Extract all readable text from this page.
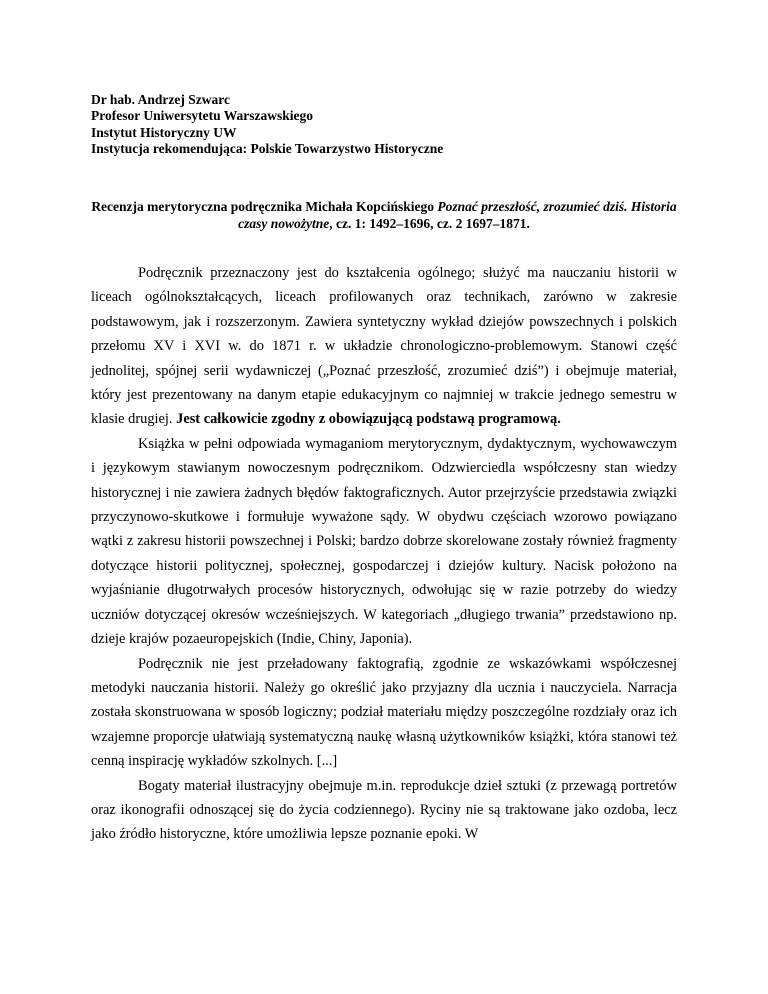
Dr hab. Andrzej Szwarc
Profesor Uniwersytetu Warszawskiego
Instytut Historyczny UW
Instytucja rekomendująca: Polskie Towarzystwo Historyczne
Recenzja merytoryczna podręcznika Michała Kopcińskiego Poznać przeszłość, zrozumieć dziś. Historia czasy nowożytne, cz. 1: 1492–1696, cz. 2 1697–1871.

Podręcznik przeznaczony jest do kształcenia ogólnego; służyć ma nauczaniu historii w liceach ogólnokształcących, liceach profilowanych oraz technikach, zarówno w zakresie podstawowym, jak i rozszerzonym. Zawiera syntetyczny wykład dziejów powszechnych i polskich przełomu XV i XVI w. do 1871 r. w układzie chronologiczno-problemowym. Stanowi część jednolitej, spójnej serii wydawniczej („Poznać przeszłość, zrozumieć dziś”) i obejmuje materiał, który jest prezentowany na danym etapie edukacyjnym co najmniej w trakcie jednego semestru w klasie drugiej. Jest całkowicie zgodny z obowiązującą podstawą programową.

Książka w pełni odpowiada wymaganiom merytorycznym, dydaktycznym, wychowawczym i językowym stawianym nowoczesnym podręcznikom. Odzwierciedla współczesny stan wiedzy historycznej i nie zawiera żadnych błędów faktograficznych. Autor przejrzyście przedstawia związki przyczynowo-skutkowe i formułuje wyważone sądy. W obydwu częściach wzorowo powiązano wątki z zakresu historii powszechnej i Polski; bardzo dobrze skorelowane zostały również fragmenty dotyczące historii politycznej, społecznej, gospodarczej i dziejów kultury. Nacisk położono na wyjaśnianie długotrwałych procesów historycznych, odwołując się w razie potrzeby do wiedzy uczniów dotyczącej okresów wcześniejszych. W kategoriach „długiego trwania” przedstawiono np. dzieje krajów pozaeuropejskich (Indie, Chiny, Japonia).

Podręcznik nie jest przeładowany faktografią, zgodnie ze wskazówkami współczesnej metodyki nauczania historii. Należy go określić jako przyjazny dla ucznia i nauczyciela. Narracja została skonstruowana w sposób logiczny; podział materiału między poszczególne rozdziały oraz ich wzajemne proporcje ułatwiają systematyczną naukę własną użytkowników książki, która stanowi też cenną inspirację wykładów szkolnych. [...]

Bogaty materiał ilustracyjny obejmuje m.in. reprodukcje dzieł sztuki (z przewagą portretów oraz ikonografii odnoszącej się do życia codziennego). Ryciny nie są traktowane jako ozdoba, lecz jako źródło historyczne, które umożliwia lepsze poznanie epoki. W
